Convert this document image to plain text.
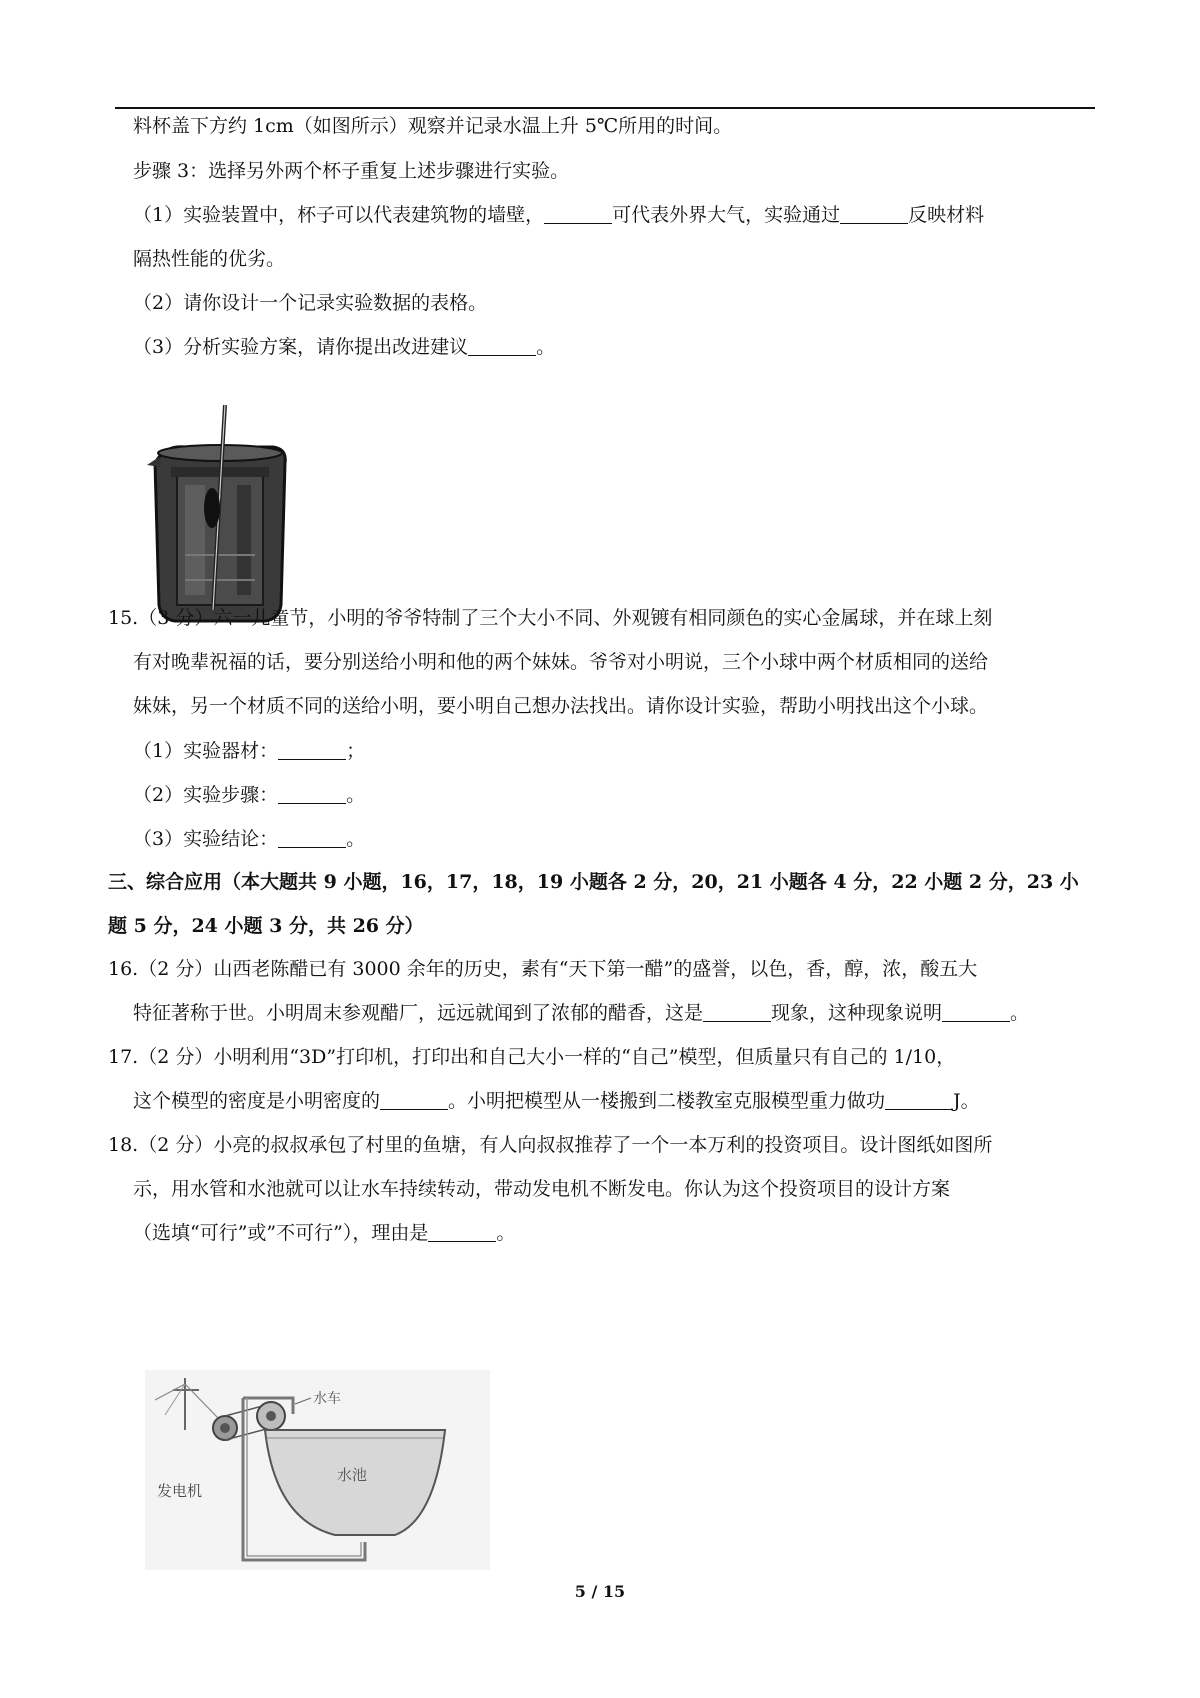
料杯盖下方约 1cm（如图所示）观察并记录水温上升 5℃所用的时间。
步骤 3：选择另外两个杯子重复上述步骤进行实验。
（1）实验装置中，杯子可以代表建筑物的墙壁，	可代表外界大气，实验通过	反映材料
隔热性能的优劣。
（2）请你设计一个记录实验数据的表格。
（3）分析实验方案，请你提出改进建议	。
15.（3 分）六一儿童节，小明的爷爷特制了三个大小不同、外观镀有相同颜色的实心金属球，并在球上刻
有对晚辈祝福的话，要分别送给小明和他的两个妹妹。爷爷对小明说，三个小球中两个材质相同的送给
妹妹，另一个材质不同的送给小明，要小明自己想办法找出。请你设计实验，帮助小明找出这个小球。
（1）实验器材：	；
（2）实验步骤：	。
（3）实验结论：	。
三、综合应用（本大题共 9 小题，16，17，18，19 小题各 2 分，20，21 小题各 4 分，22 小题 2 分，23 小
题 5 分，24 小题 3 分，共 26 分）
16.（2 分）山西老陈醋已有 3000 余年的历史，素有“天下第一醋”的盛誉，以色，香，醇，浓，酸五大
特征著称于世。小明周末参观醋厂，远远就闻到了浓郁的醋香，这是	现象，这种现象说明	。
17.（2 分）小明利用“3D”打印机，打印出和自己大小一样的“自己”模型，但质量只有自己的 1/10，
这个模型的密度是小明密度的	。小明把模型从一楼搬到二楼教室克服模型重力做功	J。
18.（2 分）小亮的叔叔承包了村里的鱼塘，有人向叔叔推荐了一个一本万利的投资项目。设计图纸如图所
示，用水管和水池就可以让水车持续转动，带动发电机不断发电。你认为这个投资项目的设计方案
（选填“可行”或”不可行”），理由是	。
水车
水池
发电机
5 / 15
